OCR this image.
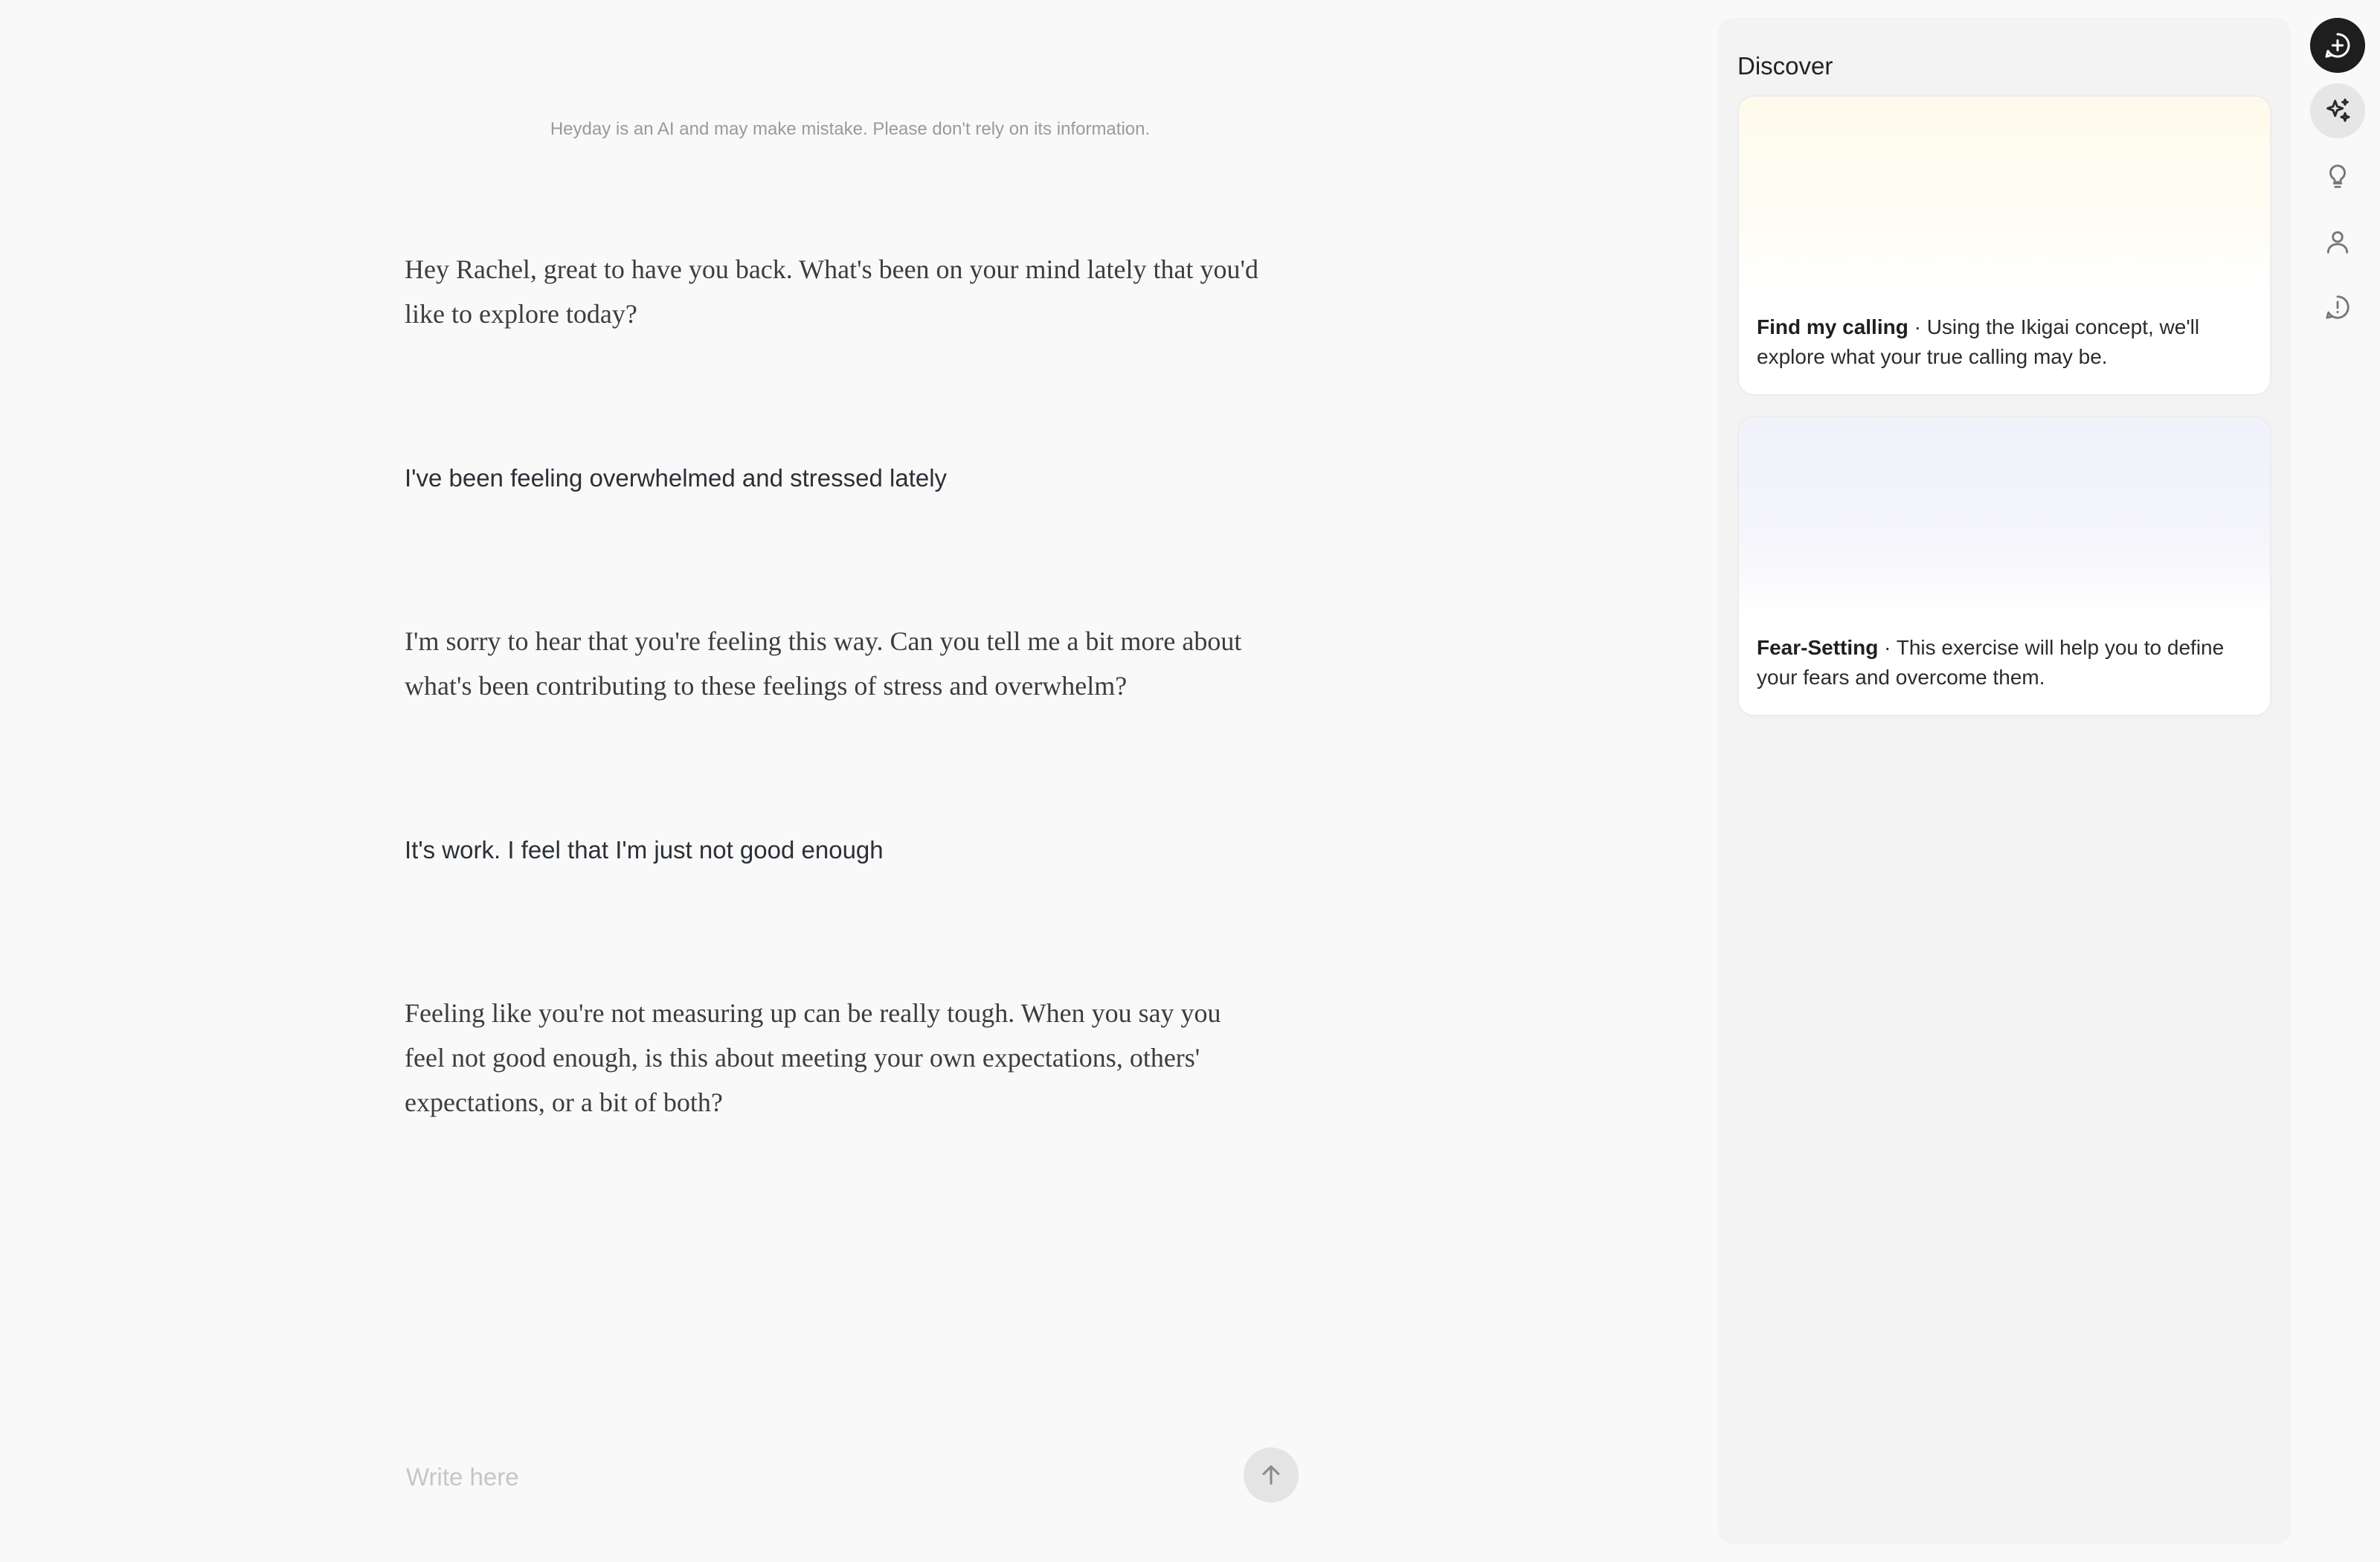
Heyday is an AI and may make mistake. Please don't rely on its information.
Hey Rachel, great to have you back. What's been on your mind lately that you'd like to explore today?
I've been feeling overwhelmed and stressed lately
I'm sorry to hear that you're feeling this way. Can you tell me a bit more about what's been contributing to these feelings of stress and overwhelm?
It's work. I feel that I'm just not good enough
Feeling like you're not measuring up can be really tough. When you say you feel not good enough, is this about meeting your own expectations, others' expectations, or a bit of both?
Write here
Discover
Find my calling · Using the Ikigai concept, we'll explore what your true calling may be.
Fear-Setting · This exercise will help you to define your fears and overcome them.
